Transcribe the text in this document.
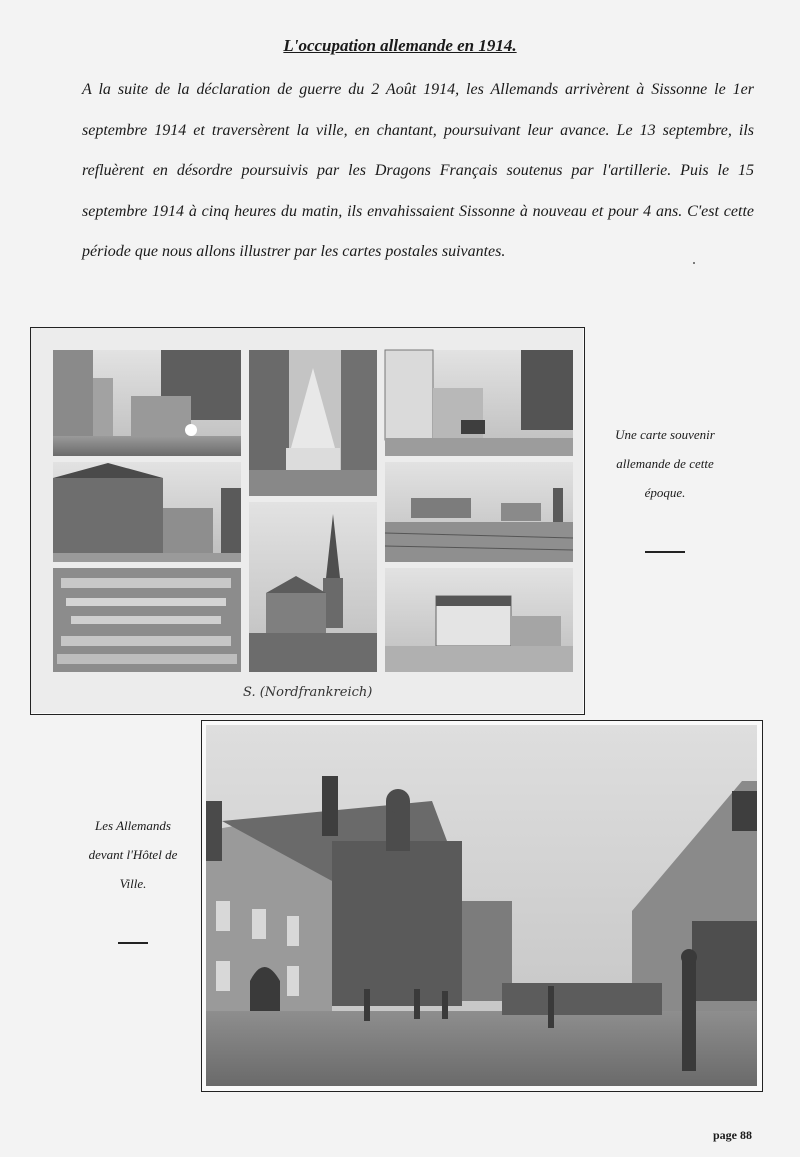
L'occupation allemande en 1914.

A la suite de la déclaration de guerre du 2 Août 1914, les Allemands arrivèrent à Sissonne le 1er septembre 1914 et traversèrent la ville, en chantant, poursuivant leur avance. Le 13 septembre, ils refluèrent en désordre poursuivis par les Dragons Français soutenus par l'artillerie. Puis le 15 septembre 1914 à cinq heures du matin, ils envahissaient Sissonne à nouveau et pour 4 ans. C'est cette période que nous allons illustrer par les cartes postales suivantes.

S. (Nordfrankreich)
Une carte souvenir
allemande de cette
époque.
Les Allemands
devant l'Hôtel de
Ville.
page 88
